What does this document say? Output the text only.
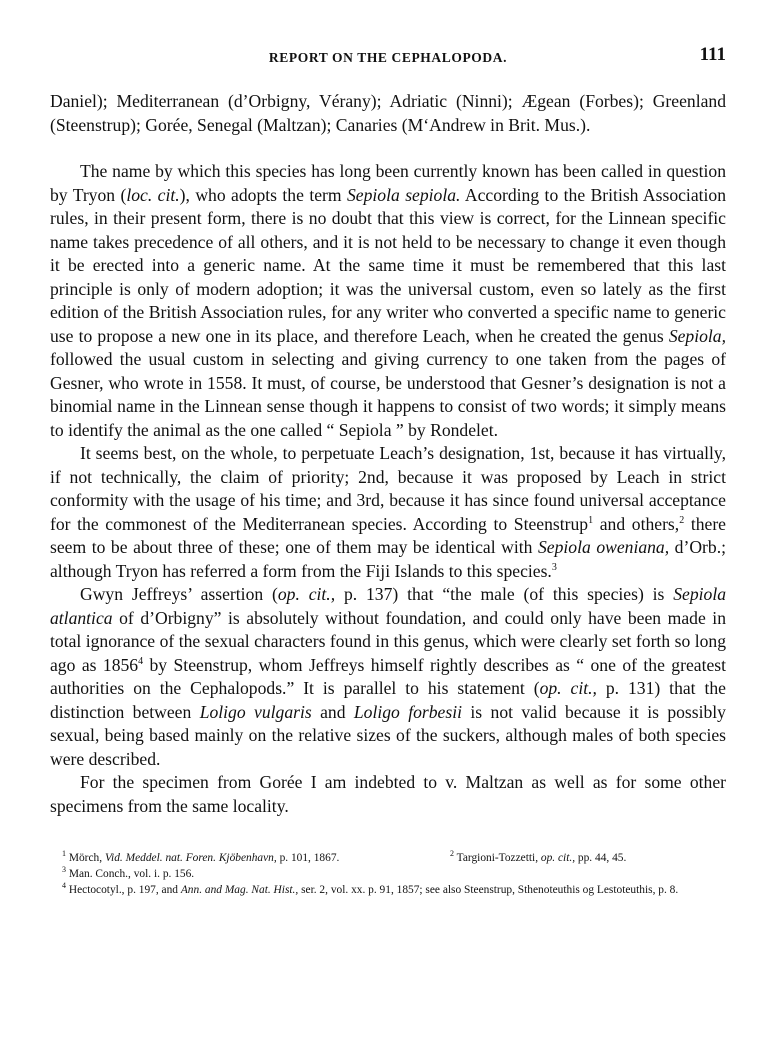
REPORT ON THE CEPHALOPODA.	111

Daniel); Mediterranean (d’Orbigny, Vérany); Adriatic (Ninni); Ægean (Forbes); Greenland (Steenstrup); Gorée, Senegal (Maltzan); Canaries (M‘Andrew in Brit. Mus.).

The name by which this species has long been currently known has been called in question by Tryon (loc. cit.), who adopts the term Sepiola sepiola. According to the British Association rules, in their present form, there is no doubt that this view is correct, for the Linnean specific name takes precedence of all others, and it is not held to be necessary to change it even though it be erected into a generic name. At the same time it must be remembered that this last principle is only of modern adoption; it was the universal custom, even so lately as the first edition of the British Association rules, for any writer who converted a specific name to generic use to propose a new one in its place, and therefore Leach, when he created the genus Sepiola, followed the usual custom in selecting and giving currency to one taken from the pages of Gesner, who wrote in 1558. It must, of course, be understood that Gesner’s designation is not a binomial name in the Linnean sense though it happens to consist of two words; it simply means to identify the animal as the one called “ Sepiola ” by Rondelet.

It seems best, on the whole, to perpetuate Leach’s designation, 1st, because it has virtually, if not technically, the claim of priority; 2nd, because it was proposed by Leach in strict conformity with the usage of his time; and 3rd, because it has since found universal acceptance for the commonest of the Mediterranean species. According to Steenstrup$^1$ and others,$^2$ there seem to be about three of these; one of them may be identical with Sepiola oweniana, d’Orb.; although Tryon has referred a form from the Fiji Islands to this species.$^3$

Gwyn Jeffreys’ assertion (op. cit., p. 137) that “the male (of this species) is Sepiola atlantica of d’Orbigny” is absolutely without foundation, and could only have been made in total ignorance of the sexual characters found in this genus, which were clearly set forth so long ago as 1856$^4$ by Steenstrup, whom Jeffreys himself rightly describes as “ one of the greatest authorities on the Cephalopods.” It is parallel to his statement (op. cit., p. 131) that the distinction between Loligo vulgaris and Loligo forbesii is not valid because it is possibly sexual, being based mainly on the relative sizes of the suckers, although males of both species were described.

For the specimen from Gorée I am indebted to v. Maltzan as well as for some other specimens from the same locality.

$^1$ Mörch, Vid. Meddel. nat. Foren. Kjöbenhavn, p. 101, 1867.	$^2$ Targioni-Tozzetti, op. cit., pp. 44, 45.
$^3$ Man. Conch., vol. i. p. 156.
$^4$ Hectocotyl., p. 197, and Ann. and Mag. Nat. Hist., ser. 2, vol. xx. p. 91, 1857; see also Steenstrup, Sthenoteuthis og Lestoteuthis, p. 8.
